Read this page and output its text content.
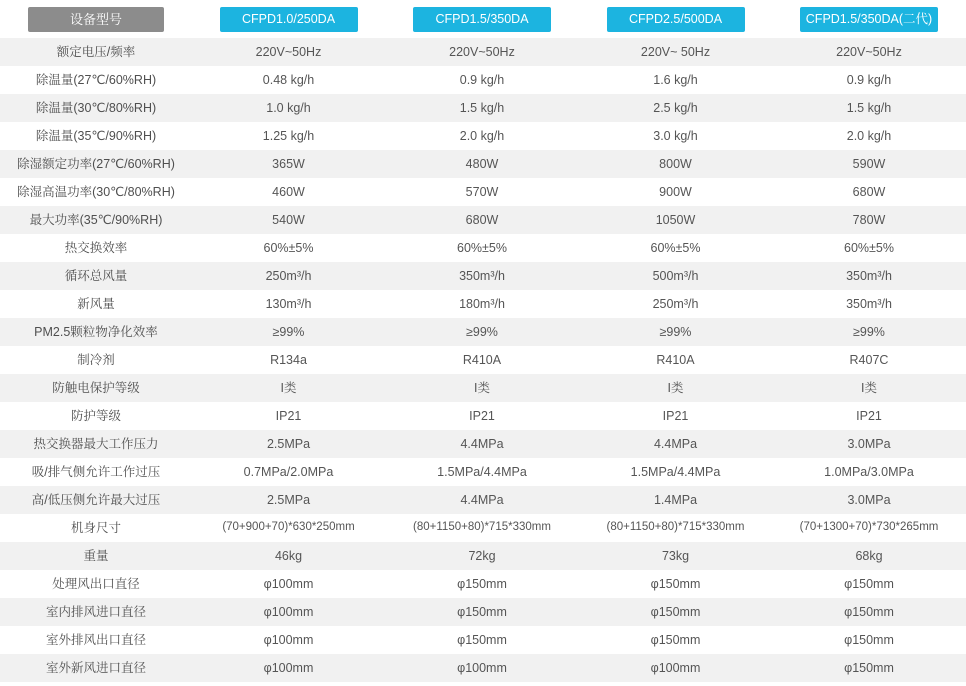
设备型号	CFPD1.0/250DA	CFPD1.5/350DA	CFPD2.5/500DA	CFPD1.5/350DA(二代)

额定电压/频率	220V~50Hz	220V~50Hz	220V~ 50Hz	220V~50Hz
除温量(27℃/60%RH)	0.48 kg/h	0.9 kg/h	1.6 kg/h	0.9 kg/h
除温量(30℃/80%RH)	1.0 kg/h	1.5 kg/h	2.5 kg/h	1.5 kg/h
除温量(35℃/90%RH)	1.25 kg/h	2.0 kg/h	3.0 kg/h	2.0 kg/h
除湿额定功率(27℃/60%RH)	365W	480W	800W	590W
除湿高温功率(30℃/80%RH)	460W	570W	900W	680W
最大功率(35℃/90%RH)	540W	680W	1050W	780W
热交换效率	60%±5%	60%±5%	60%±5%	60%±5%
循环总风量	250m³/h	350m³/h	500m³/h	350m³/h
新风量	130m³/h	180m³/h	250m³/h	350m³/h
PM2.5颗粒物净化效率	≥99%	≥99%	≥99%	≥99%
制冷剂	R134a	R410A	R410A	R407C
防触电保护等级	I类	I类	I类	I类
防护等级	IP21	IP21	IP21	IP21
热交换器最大工作压力	2.5MPa	4.4MPa	4.4MPa	3.0MPa
吸/排气侧允许工作过压	0.7MPa/2.0MPa	1.5MPa/4.4MPa	1.5MPa/4.4MPa	1.0MPa/3.0MPa
高/低压侧允许最大过压	2.5MPa	4.4MPa	1.4MPa	3.0MPa
机身尺寸	(70+900+70)*630*250mm	(80+1150+80)*715*330mm	(80+1150+80)*715*330mm	(70+1300+70)*730*265mm
重量	46kg	72kg	73kg	68kg
处理风出口直径	φ100mm	φ150mm	φ150mm	φ150mm
室内排风进口直径	φ100mm	φ150mm	φ150mm	φ150mm
室外排风出口直径	φ100mm	φ150mm	φ150mm	φ150mm
室外新风进口直径	φ100mm	φ100mm	φ100mm	φ150mm
